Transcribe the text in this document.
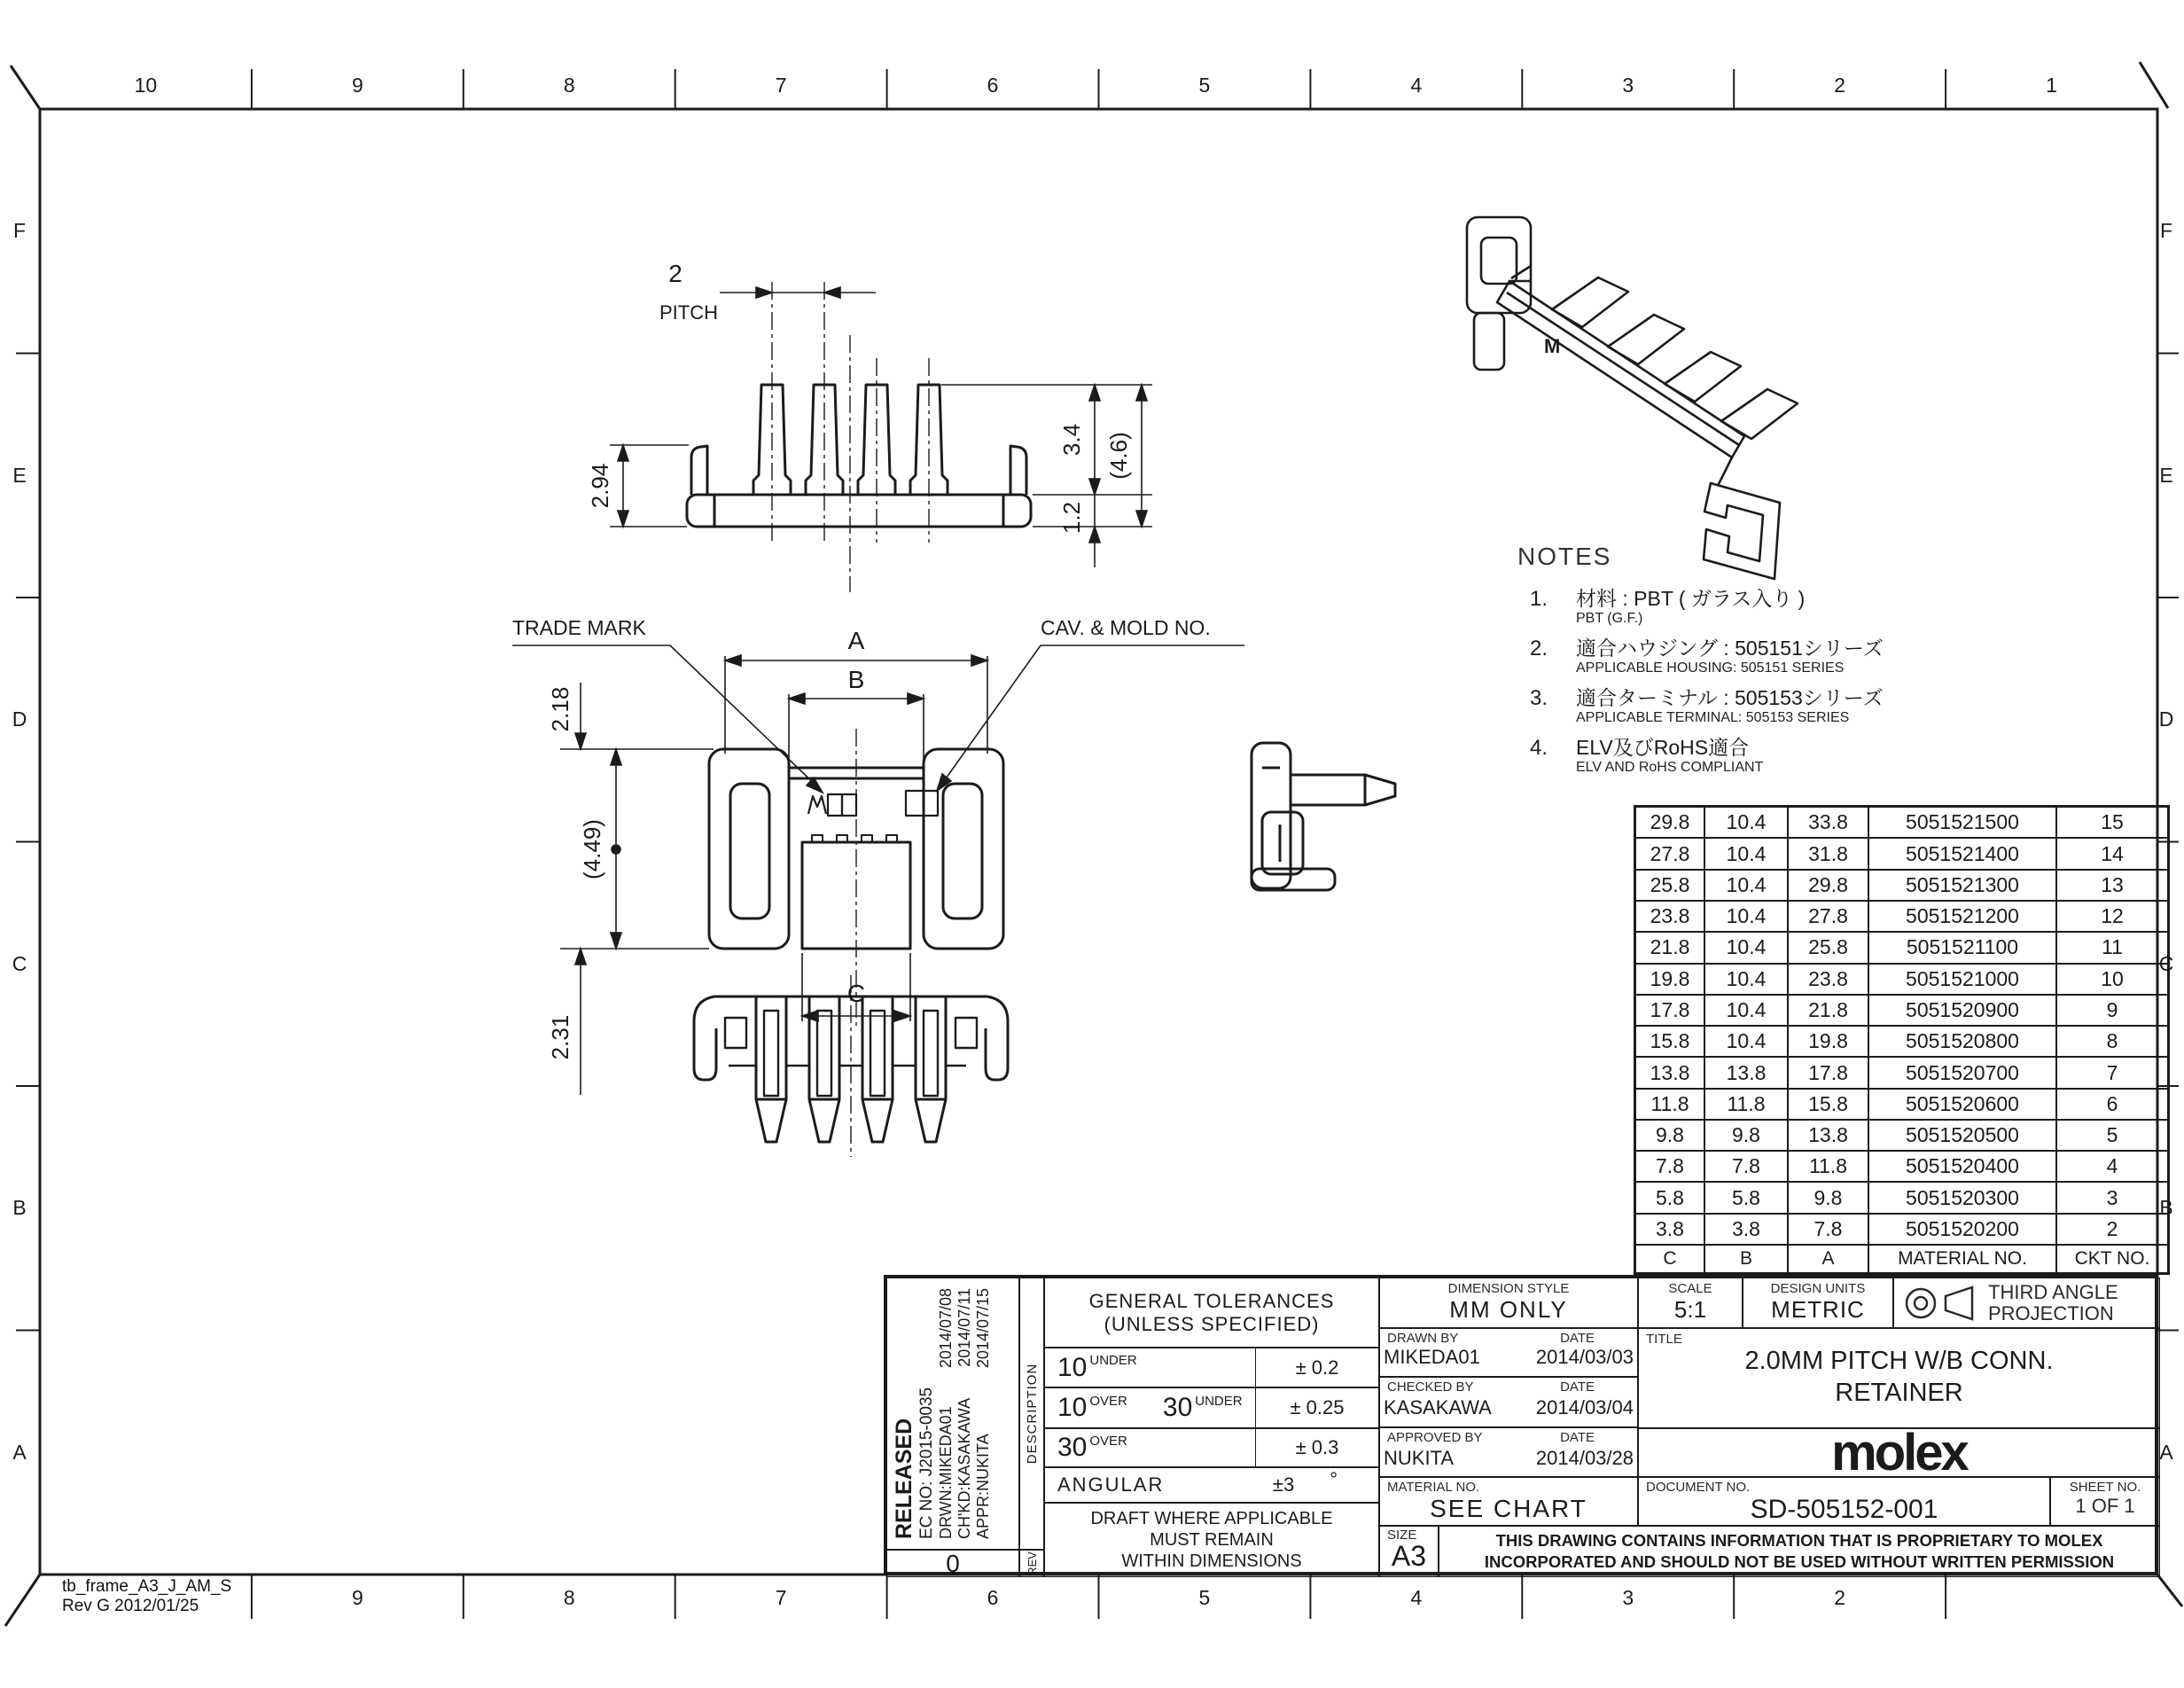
2
PITCH
2.94
3.4
1.2
(4.6)
A
B
C
2.18
(4.49)
2.31
TRADE MARK	CAV. & MOLD NO.
M
10	9	8	7	6	5	4	3	2	1
9	8	7	6	5	4	3	2
F	F
E	E
D	D
C	C
B	B
A	A
tb_frame_A3_J_AM_S
Rev G 2012/01/25
NOTES
1.	材料 : PBT ( ガラス入り )
PBT (G.F.)
2.	適合ハウジング : 505151シリーズ
APPLICABLE HOUSING: 505151 SERIES
3.	適合ターミナル : 505153シリーズ
APPLICABLE TERMINAL: 505153 SERIES
4.	ELV及びRoHS適合
ELV AND RoHS COMPLIANT
29.8	10.4	33.8	5051521500	15
27.8	10.4	31.8	5051521400	14
25.8	10.4	29.8	5051521300	13
23.8	10.4	27.8	5051521200	12
21.8	10.4	25.8	5051521100	11
19.8	10.4	23.8	5051521000	10
17.8	10.4	21.8	5051520900	9
15.8	10.4	19.8	5051520800	8
13.8	13.8	17.8	5051520700	7
11.8	11.8	15.8	5051520600	6
9.8	9.8	13.8	5051520500	5
7.8	7.8	11.8	5051520400	4
5.8	5.8	9.8	5051520300	3
3.8	3.8	7.8	5051520200	2
C	B	A	MATERIAL NO.	CKT NO.
RELEASED EC NO: J2015-0035 DRWN:MIKEDA01
2014/07/08
CH'KD:KASAKAWA
2014/07/11
APPR:NUKITA
2014/07/15
0
DESCRIPTION
REV
GENERAL TOLERANCES
(UNLESS SPECIFIED)
10 UNDER	± 0.2
10 OVER 30 UNDER	± 0.25
30 OVER	± 0.3
ANGULAR	±3 °
DRAFT WHERE APPLICABLE
MUST REMAIN
WITHIN DIMENSIONS
DIMENSION STYLE
MM ONLY
DRAWN BY	DATE
MIKEDA01	2014/03/03
CHECKED BY	DATE
KASAKAWA 2014/03/04
APPROVED BY	DATE
NUKITA	2014/03/28
MATERIAL NO.
SEE CHART
SIZE
A3
SCALE
5:1
DESIGN UNITS
METRIC
THIRD ANGLE
PROJECTION
TITLE
2.0MM PITCH W/B CONN.
RETAINER
molex
DOCUMENT NO.
SD-505152-001
SHEET NO.
1 OF 1
THIS DRAWING CONTAINS INFORMATION THAT IS PROPRIETARY TO MOLEX
INCORPORATED AND SHOULD NOT BE USED WITHOUT WRITTEN PERMISSION
